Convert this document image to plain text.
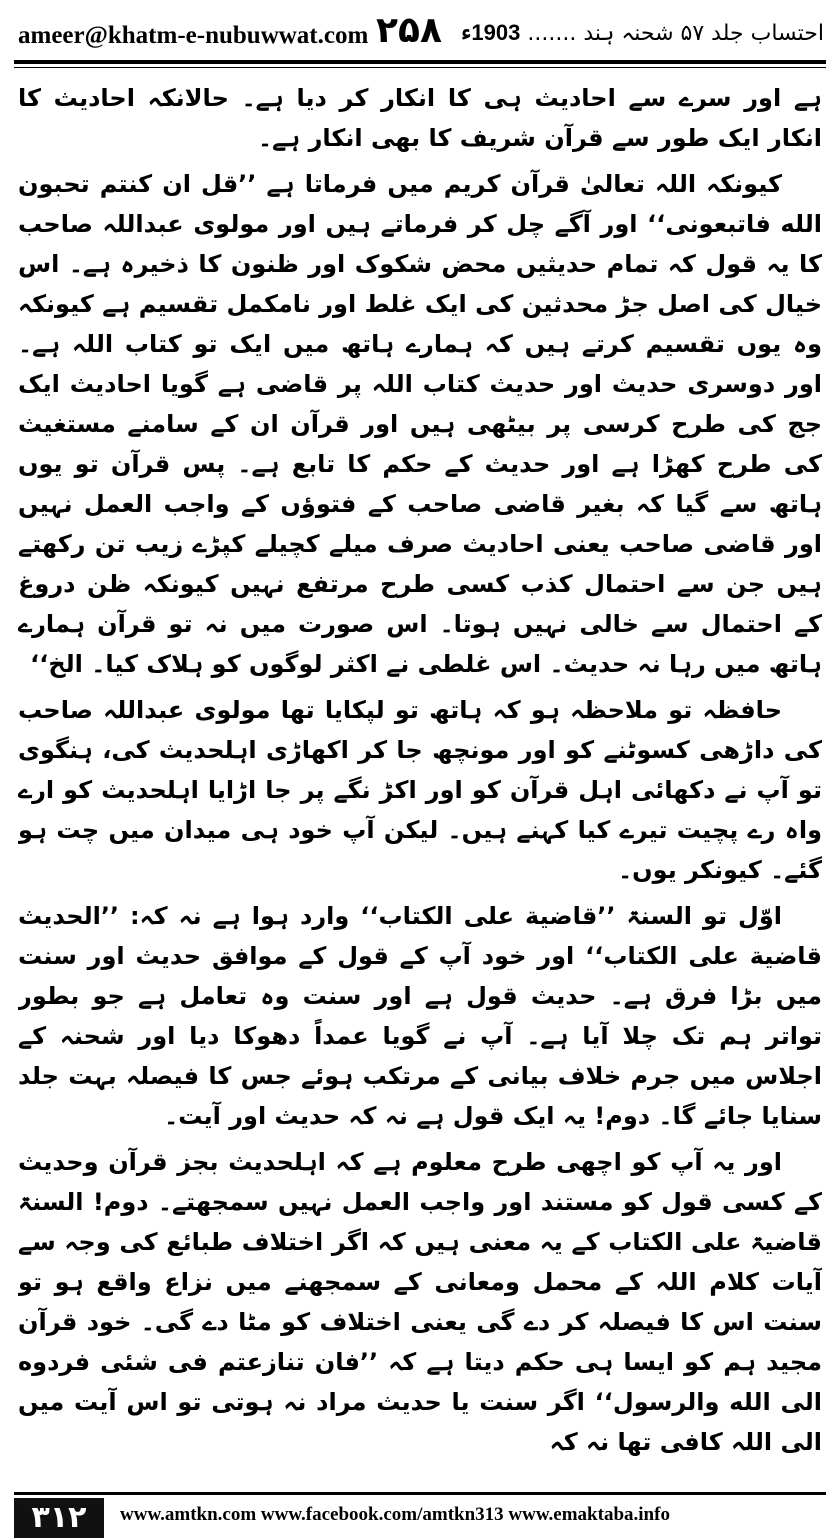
ameer@khatm-e-nubuwwat.com ۲۵۸	احتساب جلد ۵۷ شحنہ ہند ....... 1903ء

ہے اور سرے سے احادیث ہی کا انکار کر دیا ہے۔ حالانکہ احادیث کا انکار ایک طور سے قرآن شریف کا بھی انکار ہے۔

کیونکہ اللہ تعالیٰ قرآن کریم میں فرماتا ہے ’’قل ان کنتم تحبون الله فاتبعونی‘‘ اور آگے چل کر فرماتے ہیں اور مولوی عبداللہ صاحب کا یہ قول کہ تمام حدیثیں محض شکوک اور ظنون کا ذخیرہ ہے۔ اس خیال کی اصل جڑ محدثین کی ایک غلط اور نامکمل تقسیم ہے کیونکہ وہ یوں تقسیم کرتے ہیں کہ ہمارے ہاتھ میں ایک تو کتاب اللہ ہے۔ اور دوسری حدیث اور حدیث کتاب اللہ پر قاضی ہے گویا احادیث ایک جج کی طرح کرسی پر بیٹھی ہیں اور قرآن ان کے سامنے مستغیث کی طرح کھڑا ہے اور حدیث کے حکم کا تابع ہے۔ پس قرآن تو یوں ہاتھ سے گیا کہ بغیر قاضی صاحب کے فتوؤں کے واجب العمل نہیں اور قاضی صاحب یعنی احادیث صرف میلے کچیلے کپڑے زیب تن رکھتے ہیں جن سے احتمال کذب کسی طرح مرتفع نہیں کیونکہ ظن دروغ کے احتمال سے خالی نہیں ہوتا۔ اس صورت میں نہ تو قرآن ہمارے ہاتھ میں رہا نہ حدیث۔ اس غلطی نے اکثر لوگوں کو ہلاک کیا۔ الخ‘‘

حافظہ تو ملاحظہ ہو کہ ہاتھ تو لپکایا تھا مولوی عبداللہ صاحب کی داڑھی کسوٹنے کو اور مونچھ جا کر اکھاڑی اہلحدیث کی، ہنگوی تو آپ نے دکھائی اہل قرآن کو اور اکڑ نگے پر جا اڑایا اہلحدیث کو ارے واہ رے پچیت تیرے کیا کہنے ہیں۔ لیکن آپ خود ہی میدان میں چت ہو گئے۔ کیونکر یوں۔

اوّل تو السنۃ ’’قاضية على الكتاب‘‘ وارد ہوا ہے نہ کہ: ’’الحديث قاضية على الكتاب‘‘ اور خود آپ کے قول کے موافق حدیث اور سنت میں بڑا فرق ہے۔ حدیث قول ہے اور سنت وہ تعامل ہے جو بطور تواتر ہم تک چلا آیا ہے۔ آپ نے گویا عمداً دھوکا دیا اور شحنہ کے اجلاس میں جرم خلاف بیانی کے مرتکب ہوئے جس کا فیصلہ بہت جلد سنایا جائے گا۔ دوم! یہ ایک قول ہے نہ کہ حدیث اور آیت۔

اور یہ آپ کو اچھی طرح معلوم ہے کہ اہلحدیث بجز قرآن وحدیث کے کسی قول کو مستند اور واجب العمل نہیں سمجھتے۔ دوم! السنۃ قاضیۃ علی الکتاب کے یہ معنی ہیں کہ اگر اختلاف طبائع کی وجہ سے آیات کلام اللہ کے محمل ومعانی کے سمجھنے میں نزاع واقع ہو تو سنت اس کا فیصلہ کر دے گی یعنی اختلاف کو مٹا دے گی۔ خود قرآن مجید ہم کو ایسا ہی حکم دیتا ہے کہ ’’فان تنازعتم فی شئی فردوه الى الله والرسول‘‘ اگر سنت یا حدیث مراد نہ ہوتی تو اس آیت میں الی اللہ کافی تھا نہ کہ

۳۱۲	www.amtkn.com www.facebook.com/amtkn313 www.emaktaba.info
